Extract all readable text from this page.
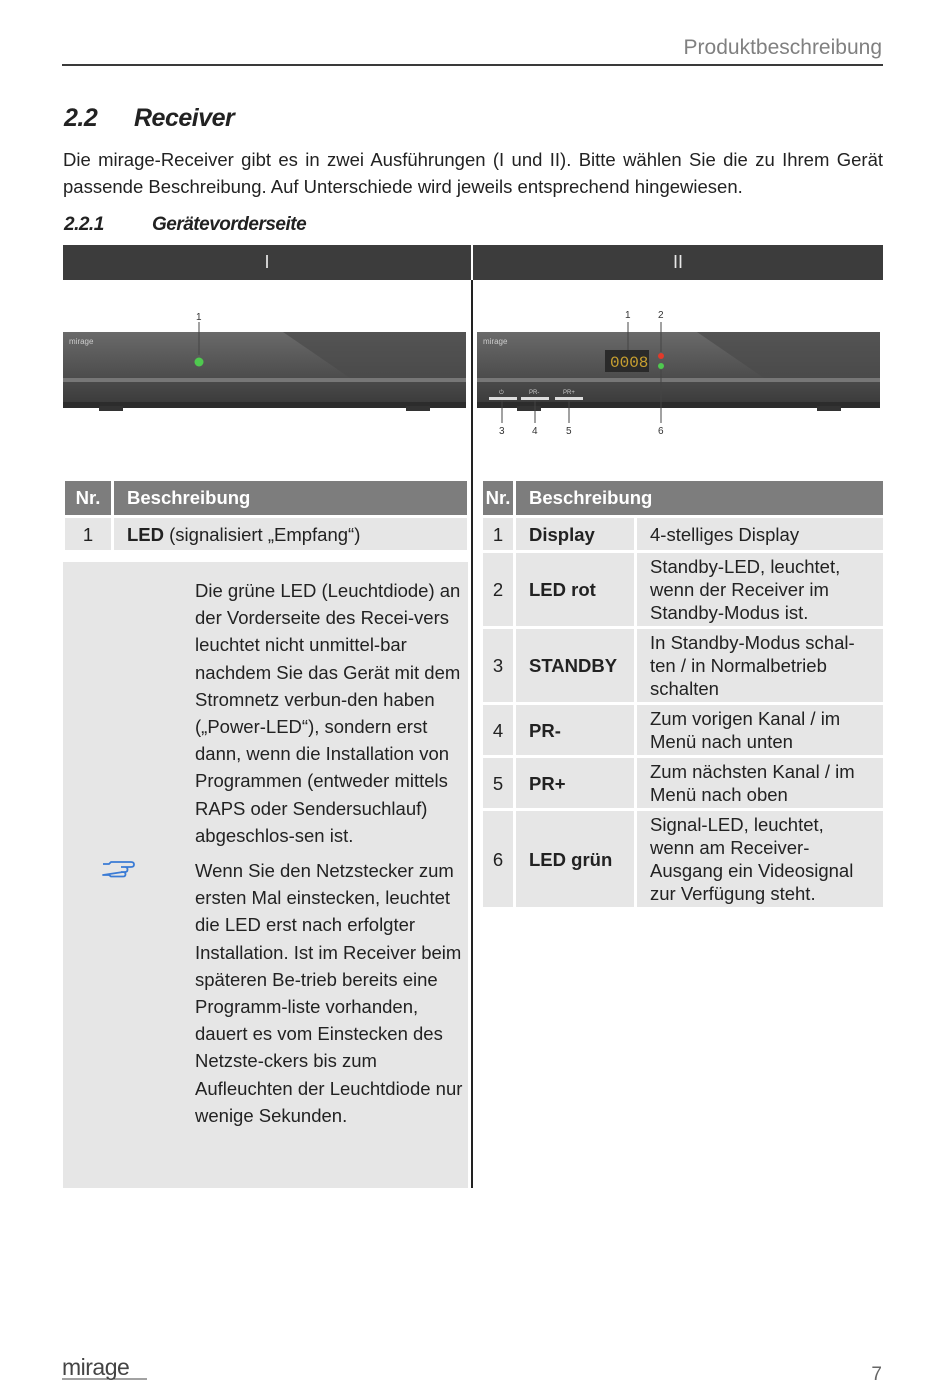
Produktbeschreibung
2.2 Receiver
Die mirage-Receiver gibt es in zwei Ausführungen (I und II). Bitte wählen Sie die zu Ihrem Gerät passende Beschreibung. Auf Unterschiede wird jeweils entsprechend hingewiesen.
2.2.1	Gerätevorderseite
I	II
mirage
1
0008
⏻	PR-	PR+
mirage
1	2
3	4	5	6
Nr.	Beschreibung
1	LED (signalisiert „Empfang“)

Die grüne LED (Leuchtdiode) an der Vorderseite des Recei-vers leuchtet nicht unmittel-bar nachdem Sie das Gerät mit dem Stromnetz verbun-den haben („Power-LED“), sondern erst dann, wenn die Installation von Programmen (entweder mittels RAPS oder Sendersuchlauf) abgeschlos-sen ist.

Wenn Sie den Netzstecker zum ersten Mal einstecken, leuchtet die LED erst nach erfolgter Installation. Ist im Receiver beim späteren Be-trieb bereits eine Programm-liste vorhanden, dauert es vom Einstecken des Netzste-ckers bis zum Aufleuchten der Leuchtdiode nur wenige Sekunden.

Nr.	Beschreibung	
1	Display	4-stelliges Display
2	LED rot	Standby-LED, leuchtet, wenn der Receiver im Standby-Modus ist.
3	STANDBY	In Standby-Modus schal-ten / in Normalbetrieb schalten
4	PR-	Zum vorigen Kanal / im Menü nach unten
5	PR+	Zum nächsten Kanal / im Menü nach oben
6	LED grün	Signal-LED, leuchtet, wenn am Receiver-Ausgang ein Videosignal zur Verfügung steht.
mirage	7
